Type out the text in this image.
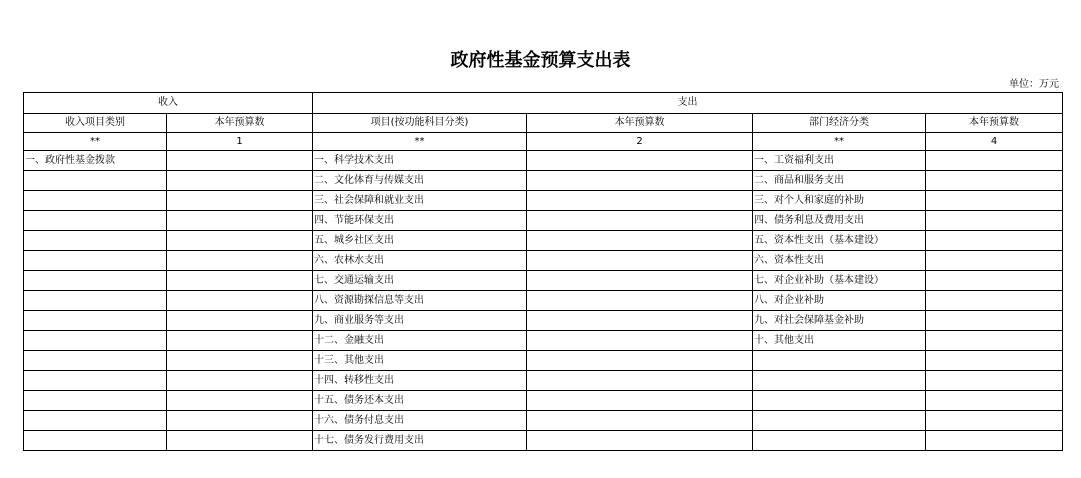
政府性基金预算支出表
单位：万元
收入		支出			
收入项目类别	本年预算数	项目(按功能科目分类)	本年预算数	部门经济分类	本年预算数
**	1	**	2	**	4
一、政府性基金拨款		一、科学技术支出		一、工资福利支出	
		二、文化体育与传媒支出		二、商品和服务支出	
		三、社会保障和就业支出		三、对个人和家庭的补助	
		四、节能环保支出		四、债务利息及费用支出	
		五、城乡社区支出		五、资本性支出（基本建设）	
		六、农林水支出		六、资本性支出	
		七、交通运输支出		七、对企业补助（基本建设）	
		八、资源勘探信息等支出		八、对企业补助	
		九、商业服务等支出		九、对社会保障基金补助	
		十二、金融支出		十、其他支出	
		十三、其他支出			
		十四、转移性支出			
		十五、债务还本支出			
		十六、债务付息支出			
		十七、债务发行费用支出			
